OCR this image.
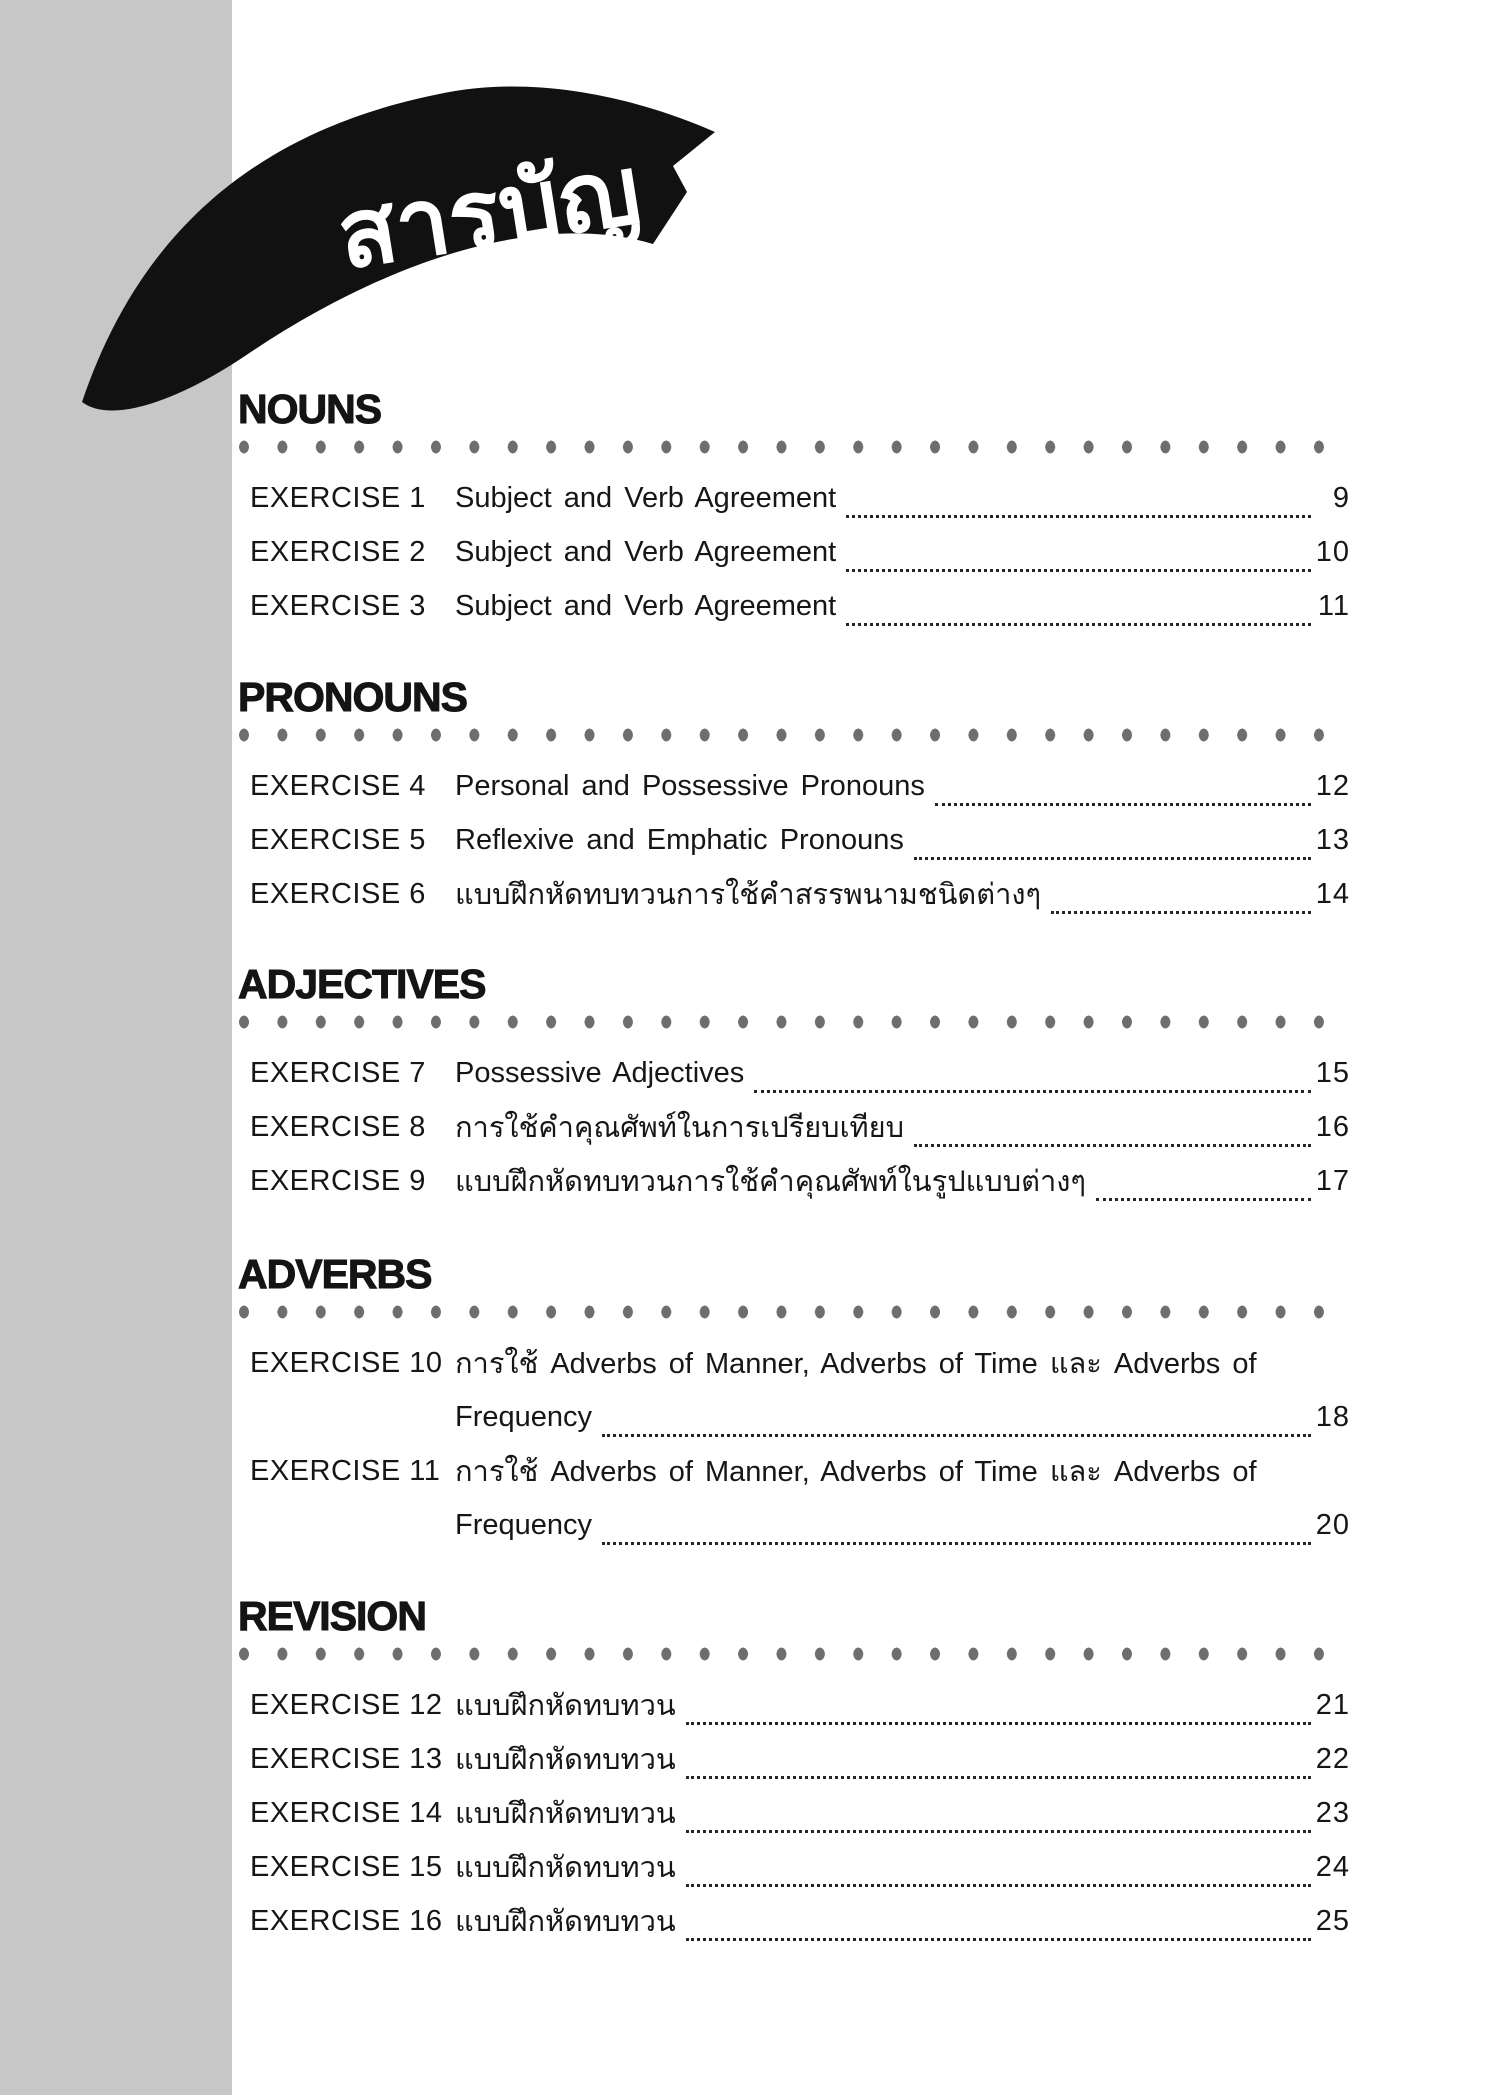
สารบัญ
NOUNS
EXERCISE 1	Subject and Verb Agreement	9
EXERCISE 2	Subject and Verb Agreement	10
EXERCISE 3	Subject and Verb Agreement	11
PRONOUNS
EXERCISE 4	Personal and Possessive Pronouns	12
EXERCISE 5	Reflexive and Emphatic Pronouns	13
EXERCISE 6	แบบฝึกหัดทบทวนการใช้คำสรรพนามชนิดต่างๆ	14
ADJECTIVES
EXERCISE 7	Possessive Adjectives	15
EXERCISE 8	การใช้คำคุณศัพท์ในการเปรียบเทียบ	16
EXERCISE 9	แบบฝึกหัดทบทวนการใช้คำคุณศัพท์ในรูปแบบต่างๆ	17
ADVERBS
EXERCISE 10 การใช้ Adverbs of Manner, Adverbs of Time และ Adverbs of
Frequency	18
EXERCISE 11 การใช้ Adverbs of Manner, Adverbs of Time และ Adverbs of
Frequency	20
REVISION
EXERCISE 12 แบบฝึกหัดทบทวน	21
EXERCISE 13 แบบฝึกหัดทบทวน	22
EXERCISE 14 แบบฝึกหัดทบทวน	23
EXERCISE 15 แบบฝึกหัดทบทวน	24
EXERCISE 16 แบบฝึกหัดทบทวน	25
